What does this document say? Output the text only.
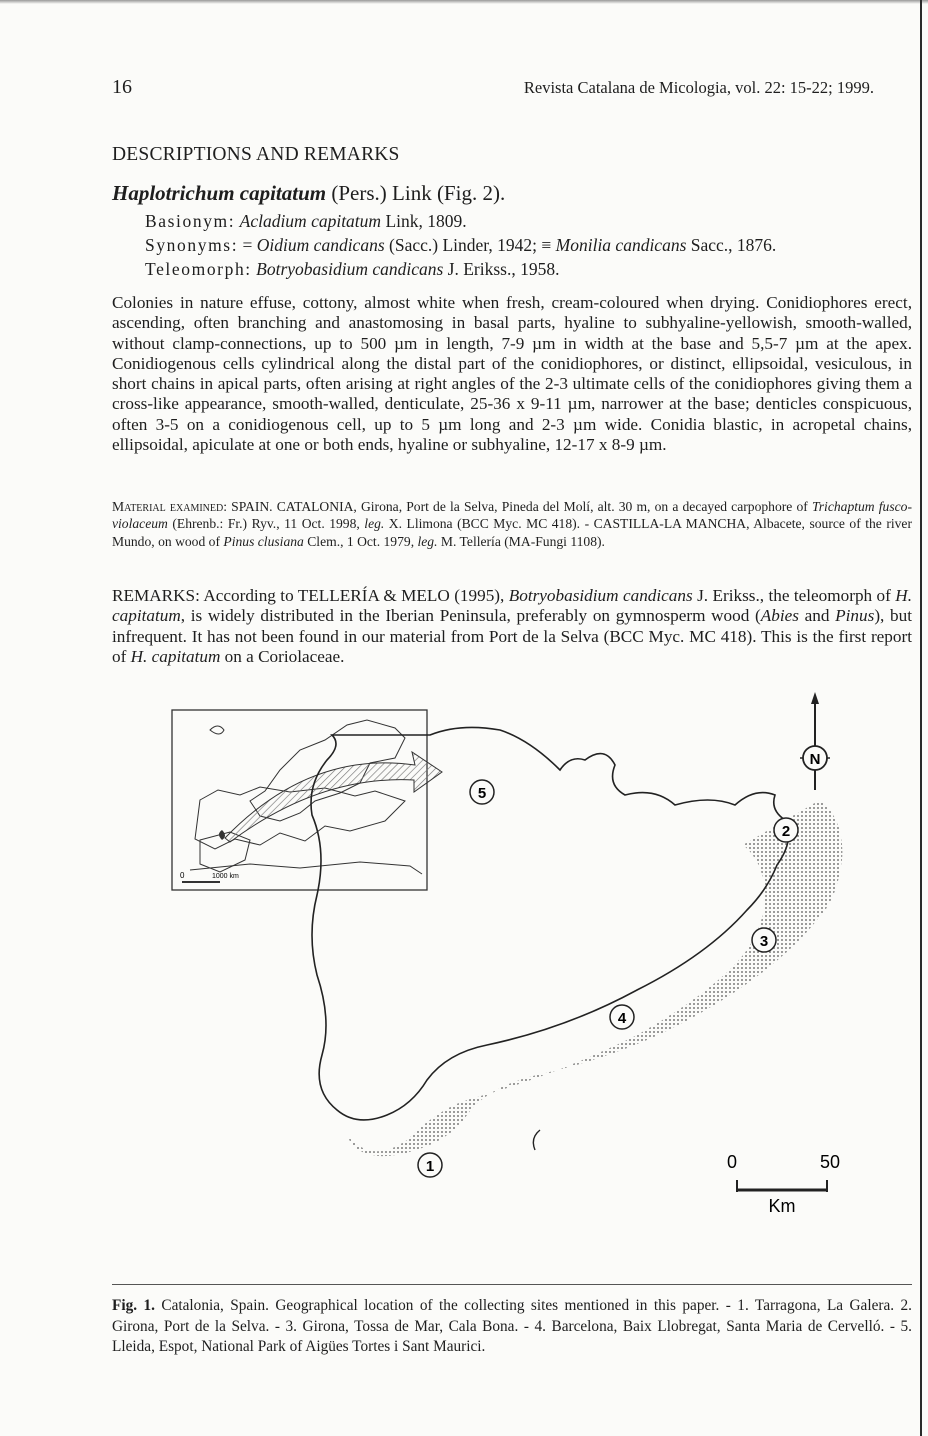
16	Revista Catalana de Micologia, vol. 22: 15-22; 1999.
DESCRIPTIONS AND REMARKS
Haplotrichum capitatum (Pers.) Link (Fig. 2).
Basionym: Acladium capitatum Link, 1809.
Synonyms: = Oidium candicans (Sacc.) Linder, 1942; ≡ Monilia candicans Sacc., 1876.
Teleomorph: Botryobasidium candicans J. Erikss., 1958.

Colonies in nature effuse, cottony, almost white when fresh, cream-coloured when drying. Conidiophores erect, ascending, often branching and anastomosing in basal parts, hyaline to subhyaline-yellowish, smooth-walled, without clamp-connections, up to 500 µm in length, 7-9 µm in width at the base and 5,5-7 µm at the apex. Conidiogenous cells cylindrical along the distal part of the conidiophores, or distinct, ellipsoidal, vesiculous, in short chains in apical parts, often arising at right angles of the 2-3 ultimate cells of the conidiophores giving them a cross-like appearance, smooth-walled, denticulate, 25-36 x 9-11 µm, narrower at the base; denticles conspicuous, often 3-5 on a conidiogenous cell, up to 5 µm long and 2-3 µm wide. Conidia blastic, in acropetal chains, ellipsoidal, apiculate at one or both ends, hyaline or subhyaline, 12-17 x 8-9 µm.

Material examined: SPAIN. CATALONIA, Girona, Port de la Selva, Pineda del Molí, alt. 30 m, on a decayed carpophore of Trichaptum fusco-violaceum (Ehrenb.: Fr.) Ryv., 11 Oct. 1998, leg. X. Llimona (BCC Myc. MC 418). - CASTILLA-LA MANCHA, Albacete, source of the river Mundo, on wood of Pinus clusiana Clem., 1 Oct. 1979, leg. M. Tellería (MA-Fungi 1108).

REMARKS: According to TELLERÍA & MELO (1995), Botryobasidium candicans J. Erikss., the teleomorph of H. capitatum, is widely distributed in the Iberian Peninsula, preferably on gymnosperm wood (Abies and Pinus), but infrequent. It has not been found in our material from Port de la Selva (BCC Myc. MC 418). This is the first report of H. capitatum on a Coriolaceae.

0	1000 km
5
2
3
4
1
N
0	50
Km

Fig. 1. Catalonia, Spain. Geographical location of the collecting sites mentioned in this paper. - 1. Tarragona, La Galera. 2. Girona, Port de la Selva. - 3. Girona, Tossa de Mar, Cala Bona. - 4. Barcelona, Baix Llobregat, Santa Maria de Cervelló. - 5. Lleida, Espot, National Park of Aigües Tortes i Sant Maurici.
